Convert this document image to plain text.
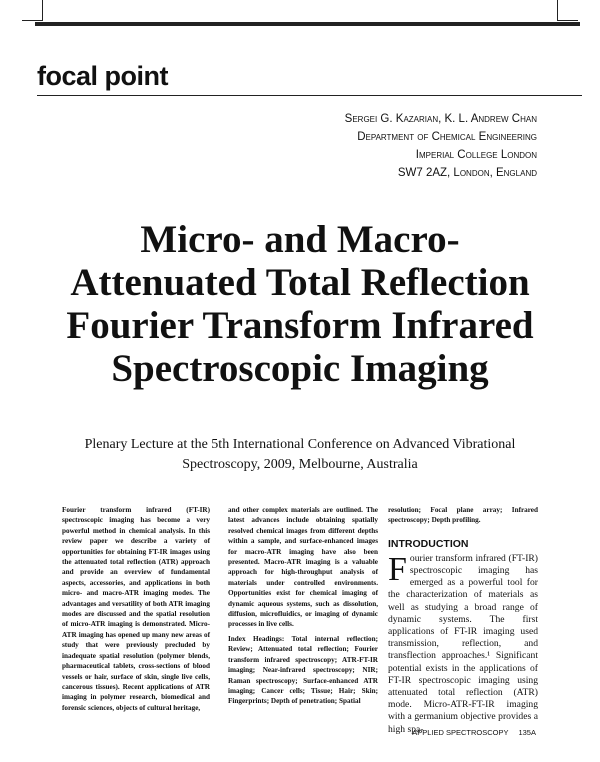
focal point
Sergei G. Kazarian, K. L. Andrew Chan
Department of Chemical Engineering
Imperial College London
SW7 2AZ, London, England
Micro- and Macro-Attenuated Total Reflection Fourier Transform Infrared Spectroscopic Imaging

Plenary Lecture at the 5th International Conference on Advanced Vibrational Spectroscopy, 2009, Melbourne, Australia

Fourier transform infrared (FT-IR) spectroscopic imaging has become a very powerful method in chemical analysis. In this review paper we describe a variety of opportunities for obtaining FT-IR images using the attenuated total reflection (ATR) approach and provide an overview of fundamental aspects, accessories, and applications in both micro- and macro-ATR imaging modes. The advantages and versatility of both ATR imaging modes are discussed and the spatial resolution of micro-ATR imaging is demonstrated. Micro-ATR imaging has opened up many new areas of study that were previously precluded by inadequate spatial resolution (polymer blends, pharmaceutical tablets, cross-sections of blood vessels or hair, surface of skin, single live cells, cancerous tissues). Recent applications of ATR imaging in polymer research, biomedical and forensic sciences, objects of cultural heritage,

and other complex materials are outlined. The latest advances include obtaining spatially resolved chemical images from different depths within a sample, and surface-enhanced images for macro-ATR imaging have also been presented. Macro-ATR imaging is a valuable approach for high-throughput analysis of materials under controlled environments. Opportunities exist for chemical imaging of dynamic aqueous systems, such as dissolution, diffusion, microfluidics, or imaging of dynamic processes in live cells.

Index Headings: Total internal reflection; Review; Attenuated total reflection; Fourier transform infrared spectroscopy; ATR-FT-IR imaging; Near-infrared spectroscopy; NIR; Raman spectroscopy; Surface-enhanced ATR imaging; Cancer cells; Tissue; Hair; Skin; Fingerprints; Depth of penetration; Spatial

resolution; Focal plane array; Infrared spectroscopy; Depth profiling.

INTRODUCTION

Fourier transform infrared (FT-IR) spectroscopic imaging has emerged as a powerful tool for the characterization of materials as well as studying a broad range of dynamic systems. The first applications of FT-IR imaging used transmission, reflection, and transflection approaches.¹ Significant potential exists in the applications of FT-IR spectroscopic imaging using attenuated total reflection (ATR) mode. Micro-ATR-FT-IR imaging with a germanium objective provides a high spa-

APPLIED SPECTROSCOPY 135A
